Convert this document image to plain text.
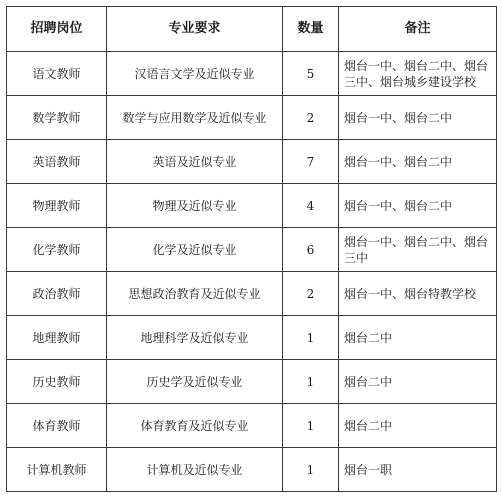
招聘岗位	专业要求	数量	备注
语文教师	汉语言文学及近似专业	5	烟台一中、烟台二中、烟台三中、烟台城乡建设学校
数学教师	数学与应用数学及近似专业	2	烟台一中、烟台二中
英语教师	英语及近似专业	7	烟台一中、烟台二中
物理教师	物理及近似专业	4	烟台一中、烟台二中
化学教师	化学及近似专业	6	烟台一中、烟台二中、烟台三中
政治教师	思想政治教育及近似专业	2	烟台一中、烟台特教学校
地理教师	地理科学及近似专业	1	烟台二中
历史教师	历史学及近似专业	1	烟台二中
体育教师	体育教育及近似专业	1	烟台二中
计算机教师	计算机及近似专业	1	烟台一职
